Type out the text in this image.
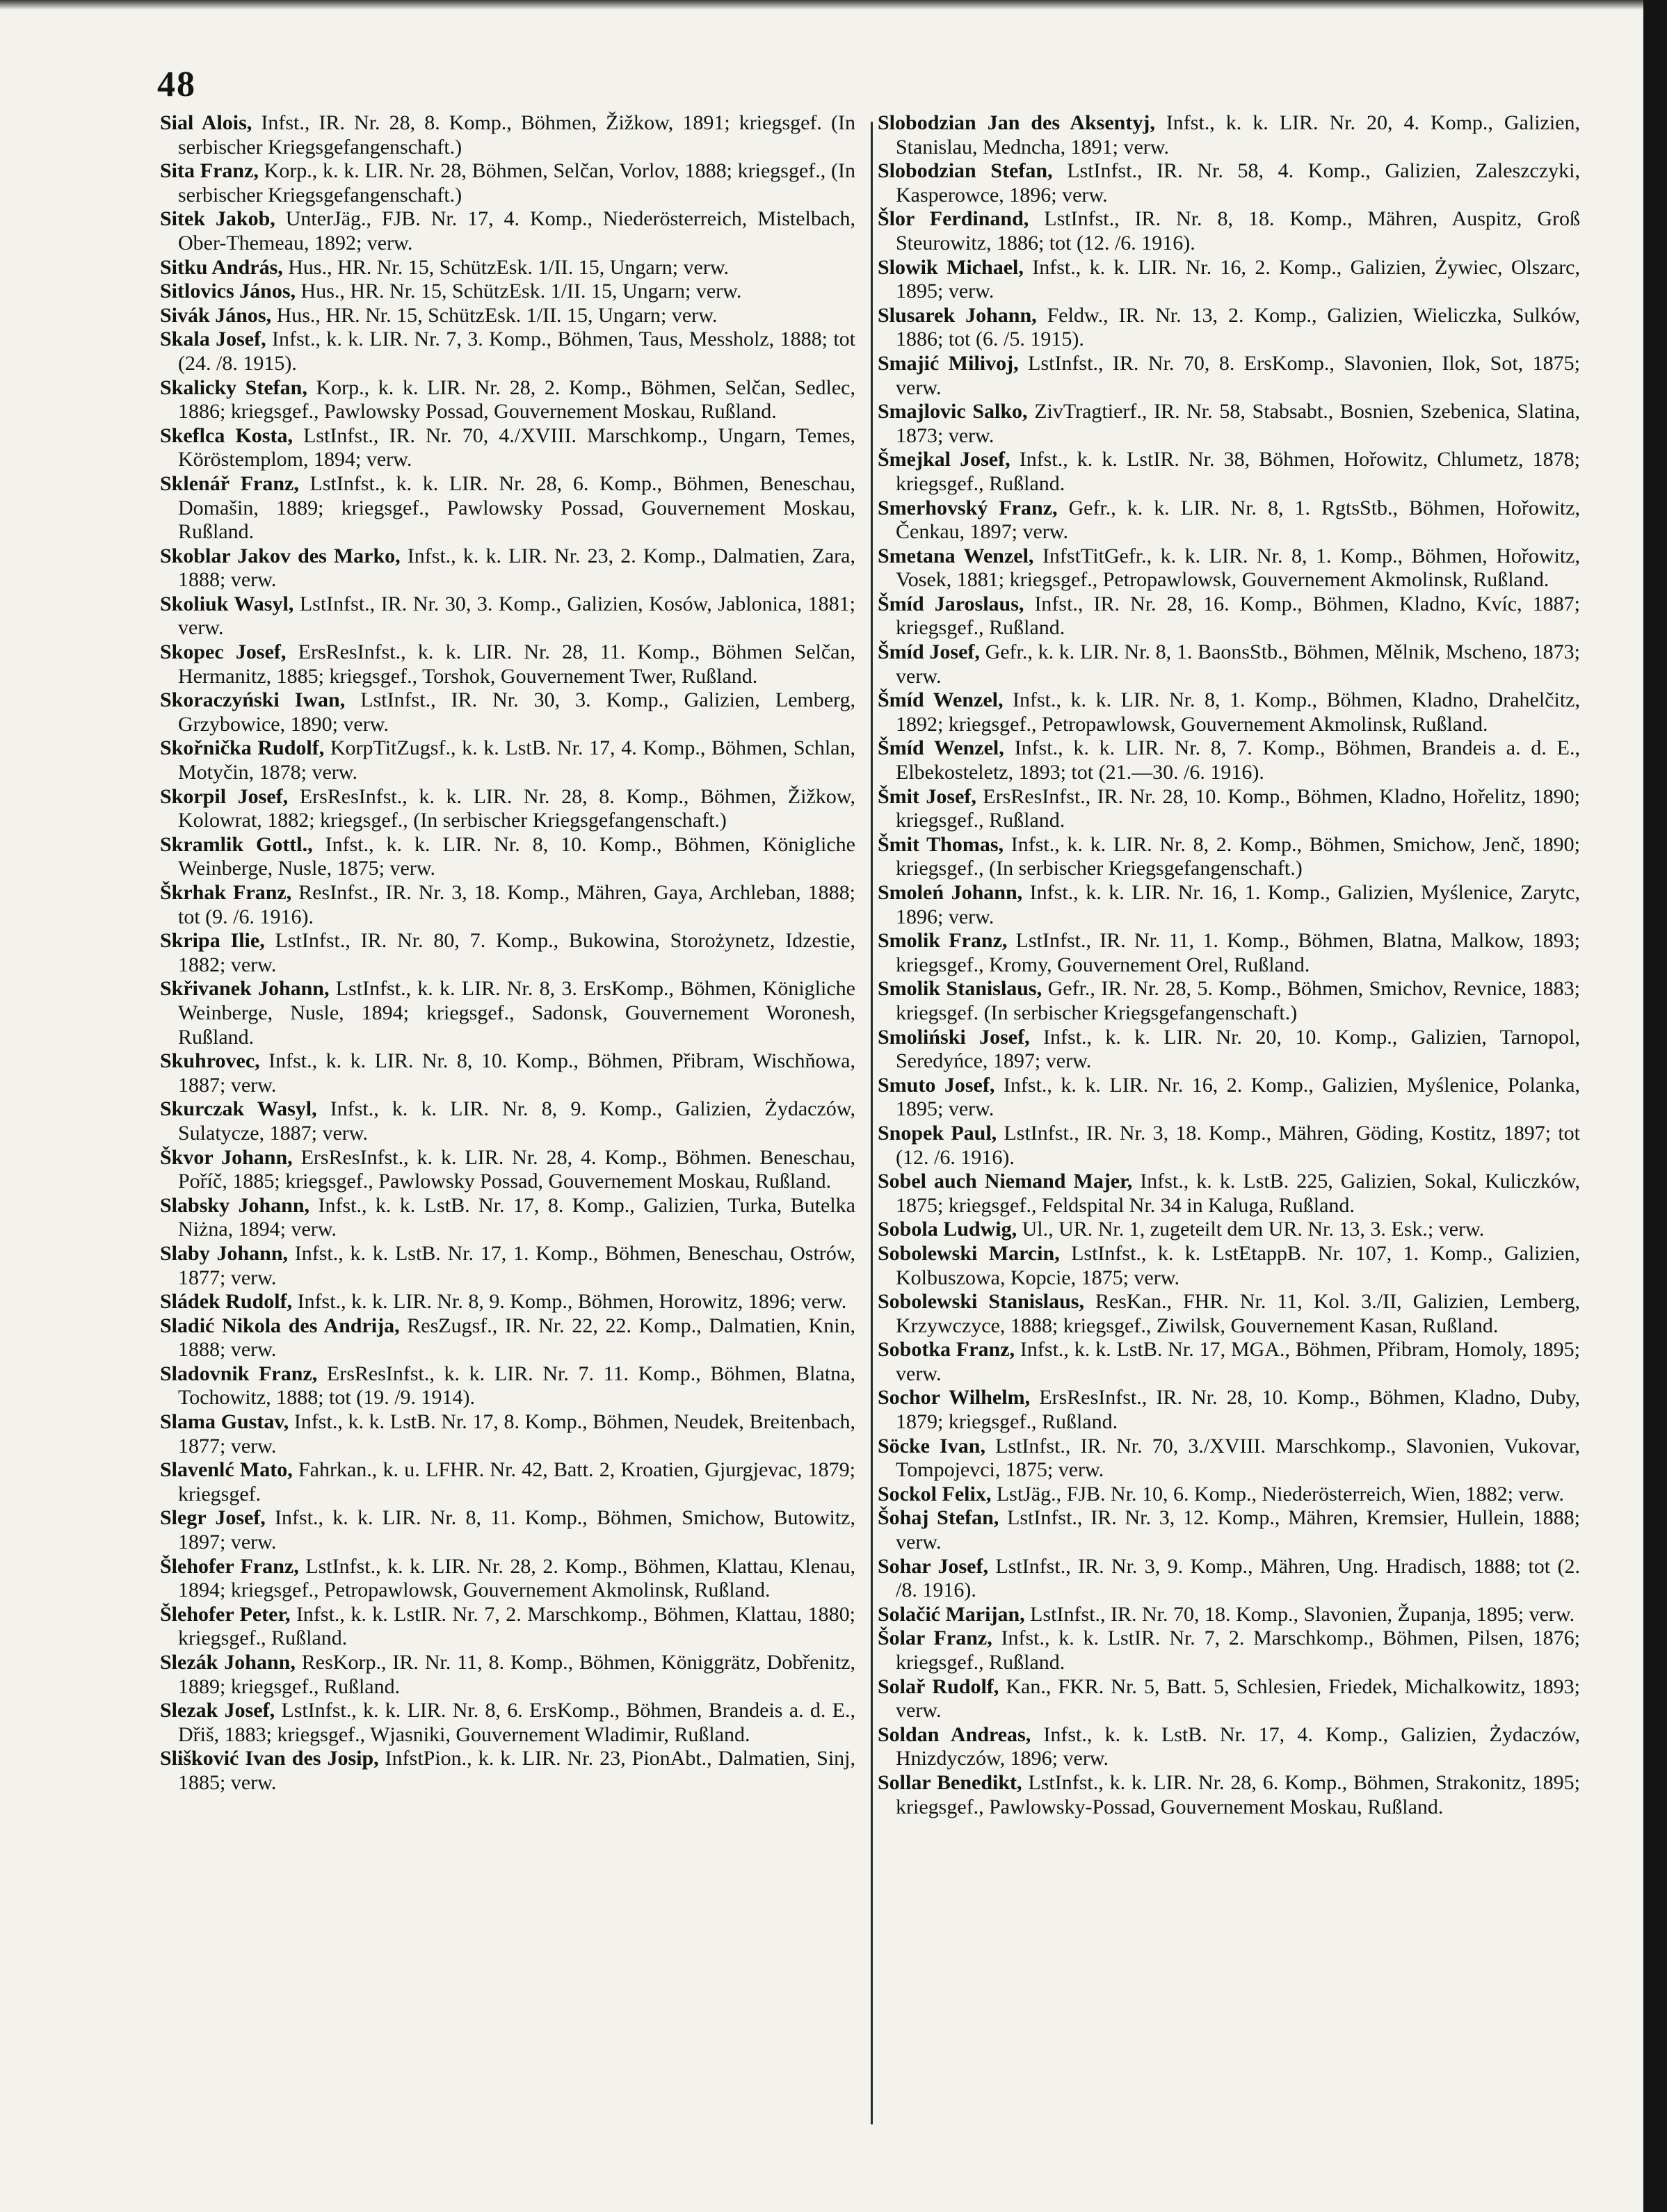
48

Sial Alois, Infst., IR. Nr. 28, 8. Komp., Böhmen, Žižkow, 1891; kriegsgef. (In serbischer Kriegsgefangenschaft.)

Sita Franz, Korp., k. k. LIR. Nr. 28, Böhmen, Selčan, Vorlov, 1888; kriegsgef., (In serbischer Kriegsgefangenschaft.)

Sitek Jakob, UnterJäg., FJB. Nr. 17, 4. Komp., Niederösterreich, Mistelbach, Ober-Themeau, 1892; verw.

Sitku András, Hus., HR. Nr. 15, SchützEsk. 1/II. 15, Ungarn; verw.

Sitlovics János, Hus., HR. Nr. 15, SchützEsk. 1/II. 15, Ungarn; verw.

Sivák János, Hus., HR. Nr. 15, SchützEsk. 1/II. 15, Ungarn; verw.

Skala Josef, Infst., k. k. LIR. Nr. 7, 3. Komp., Böhmen, Taus, Messholz, 1888; tot (24. /8. 1915).

Skalicky Stefan, Korp., k. k. LIR. Nr. 28, 2. Komp., Böhmen, Selčan, Sedlec, 1886; kriegsgef., Pawlowsky Possad, Gouvernement Moskau, Rußland.

Skeflca Kosta, LstInfst., IR. Nr. 70, 4./XVIII. Marschkomp., Ungarn, Temes, Köröstemplom, 1894; verw.

Sklenář Franz, LstInfst., k. k. LIR. Nr. 28, 6. Komp., Böhmen, Beneschau, Domašin, 1889; kriegsgef., Pawlowsky Possad, Gouvernement Moskau, Rußland.

Skoblar Jakov des Marko, Infst., k. k. LIR. Nr. 23, 2. Komp., Dalmatien, Zara, 1888; verw.

Skoliuk Wasyl, LstInfst., IR. Nr. 30, 3. Komp., Galizien, Kosów, Jablonica, 1881; verw.

Skopec Josef, ErsResInfst., k. k. LIR. Nr. 28, 11. Komp., Böhmen Selčan, Hermanitz, 1885; kriegsgef., Torshok, Gouvernement Twer, Rußland.

Skoraczyński Iwan, LstInfst., IR. Nr. 30, 3. Komp., Galizien, Lemberg, Grzybowice, 1890; verw.

Skořnička Rudolf, KorpTitZugsf., k. k. LstB. Nr. 17, 4. Komp., Böhmen, Schlan, Motyčin, 1878; verw.

Skorpil Josef, ErsResInfst., k. k. LIR. Nr. 28, 8. Komp., Böhmen, Žižkow, Kolowrat, 1882; kriegsgef., (In serbischer Kriegsgefangenschaft.)

Skramlik Gottl., Infst., k. k. LIR. Nr. 8, 10. Komp., Böhmen, Königliche Weinberge, Nusle, 1875; verw.

Škrhak Franz, ResInfst., IR. Nr. 3, 18. Komp., Mähren, Gaya, Archleban, 1888; tot (9. /6. 1916).

Skripa Ilie, LstInfst., IR. Nr. 80, 7. Komp., Bukowina, Storożynetz, Idzestie, 1882; verw.

Skřivanek Johann, LstInfst., k. k. LIR. Nr. 8, 3. ErsKomp., Böhmen, Königliche Weinberge, Nusle, 1894; kriegsgef., Sadonsk, Gouvernement Woronesh, Rußland.

Skuhrovec, Infst., k. k. LIR. Nr. 8, 10. Komp., Böhmen, Přibram, Wischňowa, 1887; verw.

Skurczak Wasyl, Infst., k. k. LIR. Nr. 8, 9. Komp., Galizien, Żydaczów, Sulatycze, 1887; verw.

Škvor Johann, ErsResInfst., k. k. LIR. Nr. 28, 4. Komp., Böhmen. Beneschau, Poříč, 1885; kriegsgef., Pawlowsky Possad, Gouvernement Moskau, Rußland.

Slabsky Johann, Infst., k. k. LstB. Nr. 17, 8. Komp., Galizien, Turka, Butelka Niżna, 1894; verw.

Slaby Johann, Infst., k. k. LstB. Nr. 17, 1. Komp., Böhmen, Beneschau, Ostrów, 1877; verw.

Sládek Rudolf, Infst., k. k. LIR. Nr. 8, 9. Komp., Böhmen, Horowitz, 1896; verw.

Sladić Nikola des Andrija, ResZugsf., IR. Nr. 22, 22. Komp., Dalmatien, Knin, 1888; verw.

Sladovnik Franz, ErsResInfst., k. k. LIR. Nr. 7. 11. Komp., Böhmen, Blatna, Tochowitz, 1888; tot (19. /9. 1914).

Slama Gustav, Infst., k. k. LstB. Nr. 17, 8. Komp., Böhmen, Neudek, Breitenbach, 1877; verw.

Slavenlć Mato, Fahrkan., k. u. LFHR. Nr. 42, Batt. 2, Kroatien, Gjurgjevac, 1879; kriegsgef.

Slegr Josef, Infst., k. k. LIR. Nr. 8, 11. Komp., Böhmen, Smichow, Butowitz, 1897; verw.

Šlehofer Franz, LstInfst., k. k. LIR. Nr. 28, 2. Komp., Böhmen, Klattau, Klenau, 1894; kriegsgef., Petropawlowsk, Gouvernement Akmolinsk, Rußland.

Šlehofer Peter, Infst., k. k. LstIR. Nr. 7, 2. Marschkomp., Böhmen, Klattau, 1880; kriegsgef., Rußland.

Slezák Johann, ResKorp., IR. Nr. 11, 8. Komp., Böhmen, Königgrätz, Dobřenitz, 1889; kriegsgef., Rußland.

Slezak Josef, LstInfst., k. k. LIR. Nr. 8, 6. ErsKomp., Böhmen, Brandeis a. d. E., Dřiš, 1883; kriegsgef., Wjasniki, Gouvernement Wladimir, Rußland.

Slišković Ivan des Josip, InfstPion., k. k. LIR. Nr. 23, PionAbt., Dalmatien, Sinj, 1885; verw.

Slobodzian Jan des Aksentyj, Infst., k. k. LIR. Nr. 20, 4. Komp., Galizien, Stanislau, Medncha, 1891; verw.

Slobodzian Stefan, LstInfst., IR. Nr. 58, 4. Komp., Galizien, Zaleszczyki, Kasperowce, 1896; verw.

Šlor Ferdinand, LstInfst., IR. Nr. 8, 18. Komp., Mähren, Auspitz, Groß Steurowitz, 1886; tot (12. /6. 1916).

Slowik Michael, Infst., k. k. LIR. Nr. 16, 2. Komp., Galizien, Żywiec, Olszarc, 1895; verw.

Slusarek Johann, Feldw., IR. Nr. 13, 2. Komp., Galizien, Wieliczka, Sulków, 1886; tot (6. /5. 1915).

Smajić Milivoj, LstInfst., IR. Nr. 70, 8. ErsKomp., Slavonien, Ilok, Sot, 1875; verw.

Smajlovic Salko, ZivTragtierf., IR. Nr. 58, Stabsabt., Bosnien, Szebenica, Slatina, 1873; verw.

Šmejkal Josef, Infst., k. k. LstIR. Nr. 38, Böhmen, Hořowitz, Chlumetz, 1878; kriegsgef., Rußland.

Smerhovský Franz, Gefr., k. k. LIR. Nr. 8, 1. RgtsStb., Böhmen, Hořowitz, Čenkau, 1897; verw.

Smetana Wenzel, InfstTitGefr., k. k. LIR. Nr. 8, 1. Komp., Böhmen, Hořowitz, Vosek, 1881; kriegsgef., Petropawlowsk, Gouvernement Akmolinsk, Rußland.

Šmíd Jaroslaus, Infst., IR. Nr. 28, 16. Komp., Böhmen, Kladno, Kvíc, 1887; kriegsgef., Rußland.

Šmíd Josef, Gefr., k. k. LIR. Nr. 8, 1. BaonsStb., Böhmen, Mělnik, Mscheno, 1873; verw.

Šmíd Wenzel, Infst., k. k. LIR. Nr. 8, 1. Komp., Böhmen, Kladno, Drahelčitz, 1892; kriegsgef., Petropawlowsk, Gouvernement Akmolinsk, Rußland.

Šmíd Wenzel, Infst., k. k. LIR. Nr. 8, 7. Komp., Böhmen, Brandeis a. d. E., Elbekosteletz, 1893; tot (21.—30. /6. 1916).

Šmit Josef, ErsResInfst., IR. Nr. 28, 10. Komp., Böhmen, Kladno, Hořelitz, 1890; kriegsgef., Rußland.

Šmit Thomas, Infst., k. k. LIR. Nr. 8, 2. Komp., Böhmen, Smichow, Jenč, 1890; kriegsgef., (In serbischer Kriegsgefangenschaft.)

Smoleń Johann, Infst., k. k. LIR. Nr. 16, 1. Komp., Galizien, Myślenice, Zarytc, 1896; verw.

Smolik Franz, LstInfst., IR. Nr. 11, 1. Komp., Böhmen, Blatna, Malkow, 1893; kriegsgef., Kromy, Gouvernement Orel, Rußland.

Smolik Stanislaus, Gefr., IR. Nr. 28, 5. Komp., Böhmen, Smichov, Revnice, 1883; kriegsgef. (In serbischer Kriegsgefangenschaft.)

Smoliński Josef, Infst., k. k. LIR. Nr. 20, 10. Komp., Galizien, Tarnopol, Seredyńce, 1897; verw.

Smuto Josef, Infst., k. k. LIR. Nr. 16, 2. Komp., Galizien, Myślenice, Polanka, 1895; verw.

Snopek Paul, LstInfst., IR. Nr. 3, 18. Komp., Mähren, Göding, Kostitz, 1897; tot (12. /6. 1916).

Sobel auch Niemand Majer, Infst., k. k. LstB. 225, Galizien, Sokal, Kuliczków, 1875; kriegsgef., Feldspital Nr. 34 in Kaluga, Rußland.

Sobola Ludwig, Ul., UR. Nr. 1, zugeteilt dem UR. Nr. 13, 3. Esk.; verw.

Sobolewski Marcin, LstInfst., k. k. LstEtappB. Nr. 107, 1. Komp., Galizien, Kolbuszowa, Kopcie, 1875; verw.

Sobolewski Stanislaus, ResKan., FHR. Nr. 11, Kol. 3./II, Galizien, Lemberg, Krzywczyce, 1888; kriegsgef., Ziwilsk, Gouvernement Kasan, Rußland.

Sobotka Franz, Infst., k. k. LstB. Nr. 17, MGA., Böhmen, Přibram, Homoly, 1895; verw.

Sochor Wilhelm, ErsResInfst., IR. Nr. 28, 10. Komp., Böhmen, Kladno, Duby, 1879; kriegsgef., Rußland.

Söcke Ivan, LstInfst., IR. Nr. 70, 3./XVIII. Marschkomp., Slavonien, Vukovar, Tompojevci, 1875; verw.

Sockol Felix, LstJäg., FJB. Nr. 10, 6. Komp., Niederösterreich, Wien, 1882; verw.

Šohaj Stefan, LstInfst., IR. Nr. 3, 12. Komp., Mähren, Kremsier, Hullein, 1888; verw.

Sohar Josef, LstInfst., IR. Nr. 3, 9. Komp., Mähren, Ung. Hradisch, 1888; tot (2. /8. 1916).

Solačić Marijan, LstInfst., IR. Nr. 70, 18. Komp., Slavonien, Županja, 1895; verw.

Šolar Franz, Infst., k. k. LstIR. Nr. 7, 2. Marschkomp., Böhmen, Pilsen, 1876; kriegsgef., Rußland.

Solař Rudolf, Kan., FKR. Nr. 5, Batt. 5, Schlesien, Friedek, Michalkowitz, 1893; verw.

Soldan Andreas, Infst., k. k. LstB. Nr. 17, 4. Komp., Galizien, Żydaczów, Hnizdyczów, 1896; verw.

Sollar Benedikt, LstInfst., k. k. LIR. Nr. 28, 6. Komp., Böhmen, Strakonitz, 1895; kriegsgef., Pawlowsky-Possad, Gouvernement Moskau, Rußland.
